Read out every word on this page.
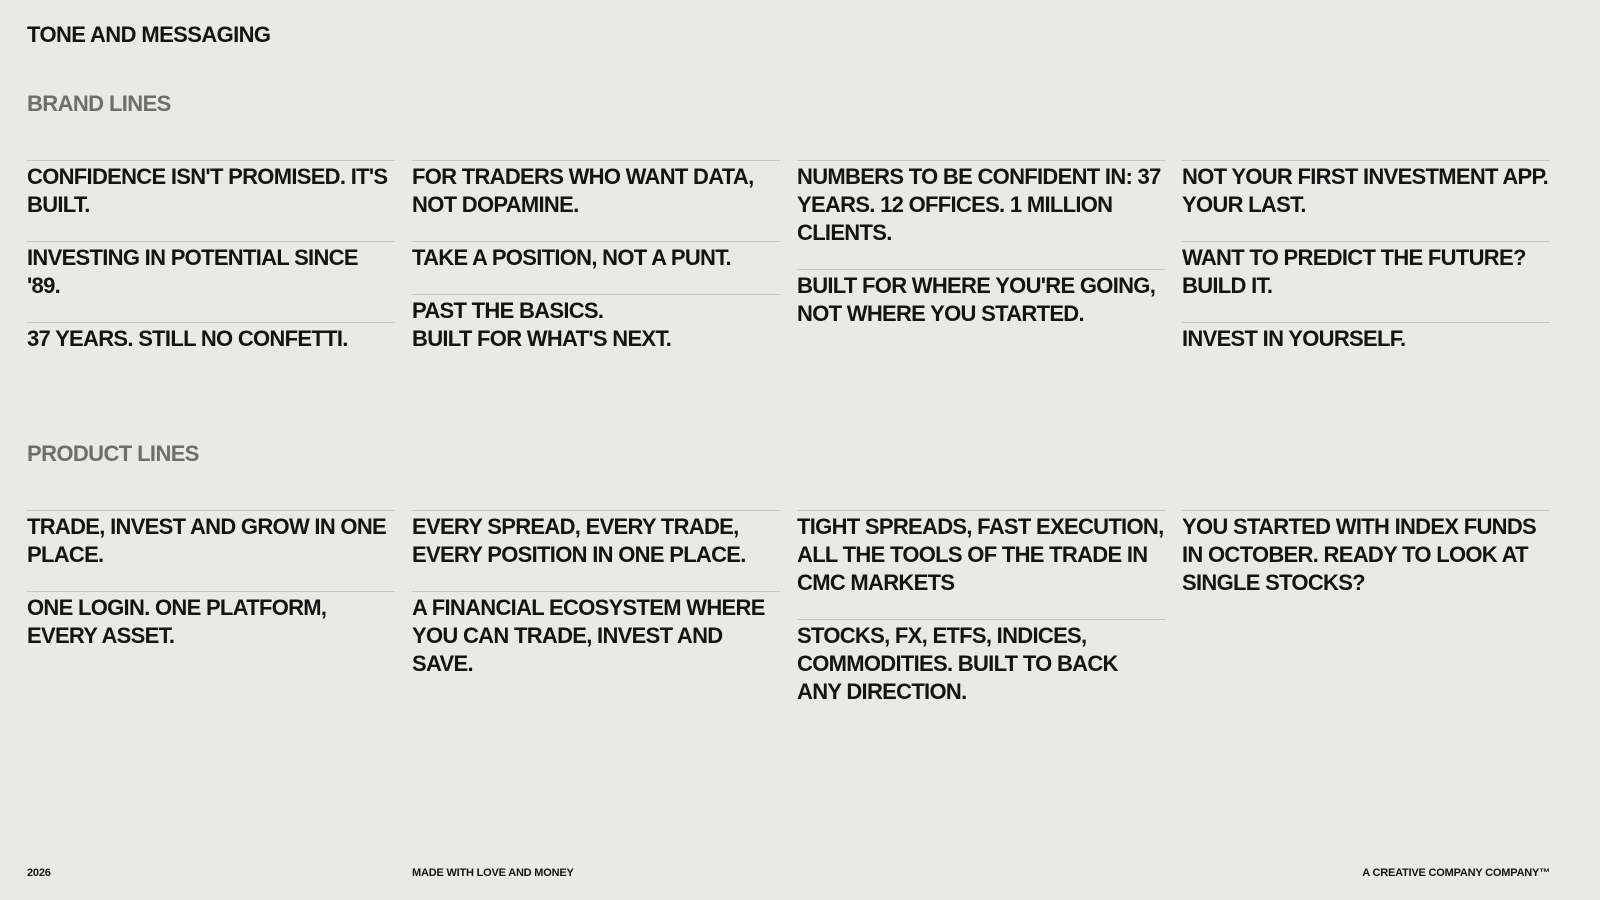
TONE AND MESSAGING
BRAND LINES
CONFIDENCE ISN'T PROMISED. IT'S BUILT.
INVESTING IN POTENTIAL SINCE '89.
37 YEARS. STILL NO CONFETTI.
FOR TRADERS WHO WANT DATA, NOT DOPAMINE.
TAKE A POSITION, NOT A PUNT.
PAST THE BASICS.
BUILT FOR WHAT'S NEXT.
NUMBERS TO BE CONFIDENT IN: 37 YEARS. 12 OFFICES. 1 MILLION CLIENTS.
BUILT FOR WHERE YOU'RE GOING, NOT WHERE YOU STARTED.
NOT YOUR FIRST INVESTMENT APP. YOUR LAST.
WANT TO PREDICT THE FUTURE? BUILD IT.
INVEST IN YOURSELF.
PRODUCT LINES
TRADE, INVEST AND GROW IN ONE PLACE.
ONE LOGIN. ONE PLATFORM, EVERY ASSET.
EVERY SPREAD, EVERY TRADE, EVERY POSITION IN ONE PLACE.
A FINANCIAL ECOSYSTEM WHERE YOU CAN TRADE, INVEST AND SAVE.
TIGHT SPREADS, FAST EXECUTION, ALL THE TOOLS OF THE TRADE IN CMC MARKETS
STOCKS, FX, ETFS, INDICES, COMMODITIES. BUILT TO BACK ANY DIRECTION.
YOU STARTED WITH INDEX FUNDS IN OCTOBER. READY TO LOOK AT SINGLE STOCKS?
2026	MADE WITH LOVE AND MONEY	A CREATIVE COMPANY COMPANY™
